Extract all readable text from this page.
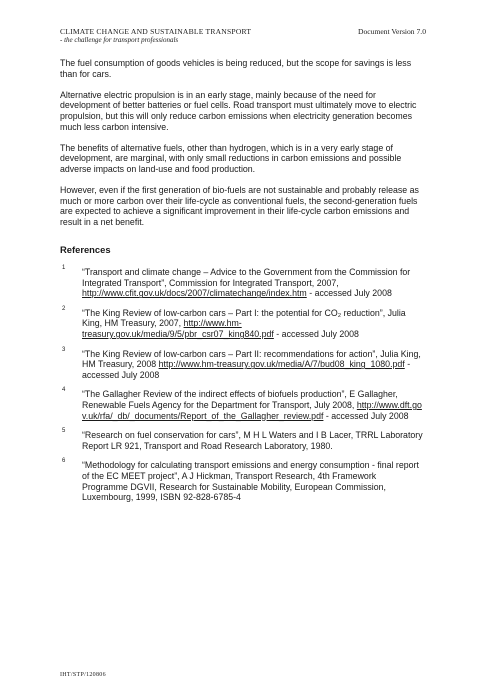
CLIMATE CHANGE AND SUSTAINABLE TRANSPORT
- the challenge for transport professionals
Document Version 7.0

The fuel consumption of goods vehicles is being reduced, but the scope for savings is less than for cars.

Alternative electric propulsion is in an early stage, mainly because of the need for development of better batteries or fuel cells. Road transport must ultimately move to electric propulsion, but this will only reduce carbon emissions when electricity generation becomes much less carbon intensive.

The benefits of alternative fuels, other than hydrogen, which is in a very early stage of development, are marginal, with only small reductions in carbon emissions and possible adverse impacts on land-use and food production.

However, even if the first generation of bio-fuels are not sustainable and probably release as much or more carbon over their life-cycle as conventional fuels, the second-generation fuels are expected to achieve a significant improvement in their life-cycle carbon emissions and result in a net benefit.

References
1 “Transport and climate change – Advice to the Government from the Commission for Integrated Transport”, Commission for Integrated Transport, 2007, http://www.cfit.gov.uk/docs/2007/climatechange/index.htm - accessed July 2008
2 “The King Review of low-carbon cars – Part I: the potential for CO₂ reduction”, Julia King, HM Treasury, 2007, http://www.hm-treasury.gov.uk/media/9/5/pbr_csr07_king840.pdf - accessed July 2008
3 “The King Review of low-carbon cars – Part II: recommendations for action”, Julia King, HM Treasury, 2008 http://www.hm-treasury.gov.uk/media/A/7/bud08_king_1080.pdf - accessed July 2008
4 “The Gallagher Review of the indirect effects of biofuels production”, E Gallagher, Renewable Fuels Agency for the Department for Transport, July 2008, http://www.dft.gov.uk/rfa/_db/_documents/Report_of_the_Gallagher_review.pdf - accessed July 2008
5 “Research on fuel conservation for cars”, M H L Waters and I B Lacer, TRRL Laboratory Report LR 921, Transport and Road Research Laboratory, 1980.
6 “Methodology for calculating transport emissions and energy consumption - final report of the EC MEET project”, A J Hickman, Transport Research, 4th Framework Programme DGVII, Research for Sustainable Mobility, European Commission, Luxembourg, 1999, ISBN 92-828-6785-4
IHT/STP/120806
